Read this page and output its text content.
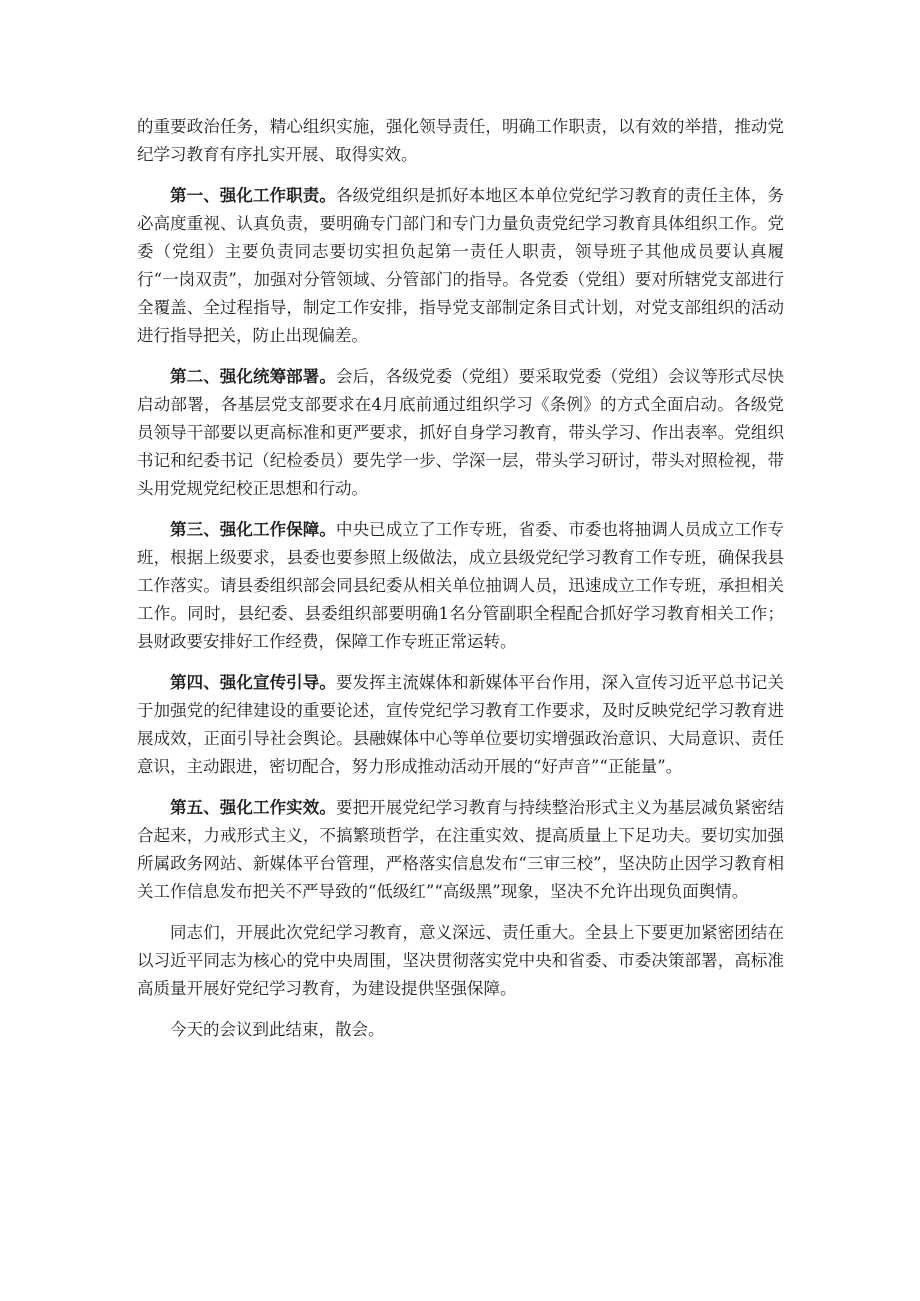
的重要政治任务，精心组织实施，强化领导责任，明确工作职责，以有效的举措，推动党纪学习教育有序扎实开展、取得实效。

第一、强化工作职责。各级党组织是抓好本地区本单位党纪学习教育的责任主体，务必高度重视、认真负责，要明确专门部门和专门力量负责党纪学习教育具体组织工作。党委（党组）主要负责同志要切实担负起第一责任人职责，领导班子其他成员要认真履行“一岗双责”，加强对分管领域、分管部门的指导。各党委（党组）要对所辖党支部进行全覆盖、全过程指导，制定工作安排，指导党支部制定条目式计划，对党支部组织的活动进行指导把关，防止出现偏差。

第二、强化统筹部署。会后，各级党委（党组）要采取党委（党组）会议等形式尽快启动部署，各基层党支部要求在4月底前通过组织学习《条例》的方式全面启动。各级党员领导干部要以更高标准和更严要求，抓好自身学习教育，带头学习、作出表率。党组织书记和纪委书记（纪检委员）要先学一步、学深一层，带头学习研讨，带头对照检视，带头用党规党纪校正思想和行动。

第三、强化工作保障。中央已成立了工作专班，省委、市委也将抽调人员成立工作专班，根据上级要求，县委也要参照上级做法，成立县级党纪学习教育工作专班，确保我县工作落实。请县委组织部会同县纪委从相关单位抽调人员，迅速成立工作专班，承担相关工作。同时，县纪委、县委组织部要明确1名分管副职全程配合抓好学习教育相关工作；县财政要安排好工作经费，保障工作专班正常运转。

第四、强化宣传引导。要发挥主流媒体和新媒体平台作用，深入宣传习近平总书记关于加强党的纪律建设的重要论述，宣传党纪学习教育工作要求，及时反映党纪学习教育进展成效，正面引导社会舆论。县融媒体中心等单位要切实增强政治意识、大局意识、责任意识，主动跟进，密切配合，努力形成推动活动开展的“好声音”“正能量”。

第五、强化工作实效。要把开展党纪学习教育与持续整治形式主义为基层减负紧密结合起来，力戒形式主义，不搞繁琐哲学，在注重实效、提高质量上下足功夫。要切实加强所属政务网站、新媒体平台管理，严格落实信息发布“三审三校”，坚决防止因学习教育相关工作信息发布把关不严导致的“低级红”“高级黑”现象，坚决不允许出现负面舆情。

同志们，开展此次党纪学习教育，意义深远、责任重大。全县上下要更加紧密团结在以习近平同志为核心的党中央周围，坚决贯彻落实党中央和省委、市委决策部署，高标准高质量开展好党纪学习教育，为建设提供坚强保障。

今天的会议到此结束，散会。
